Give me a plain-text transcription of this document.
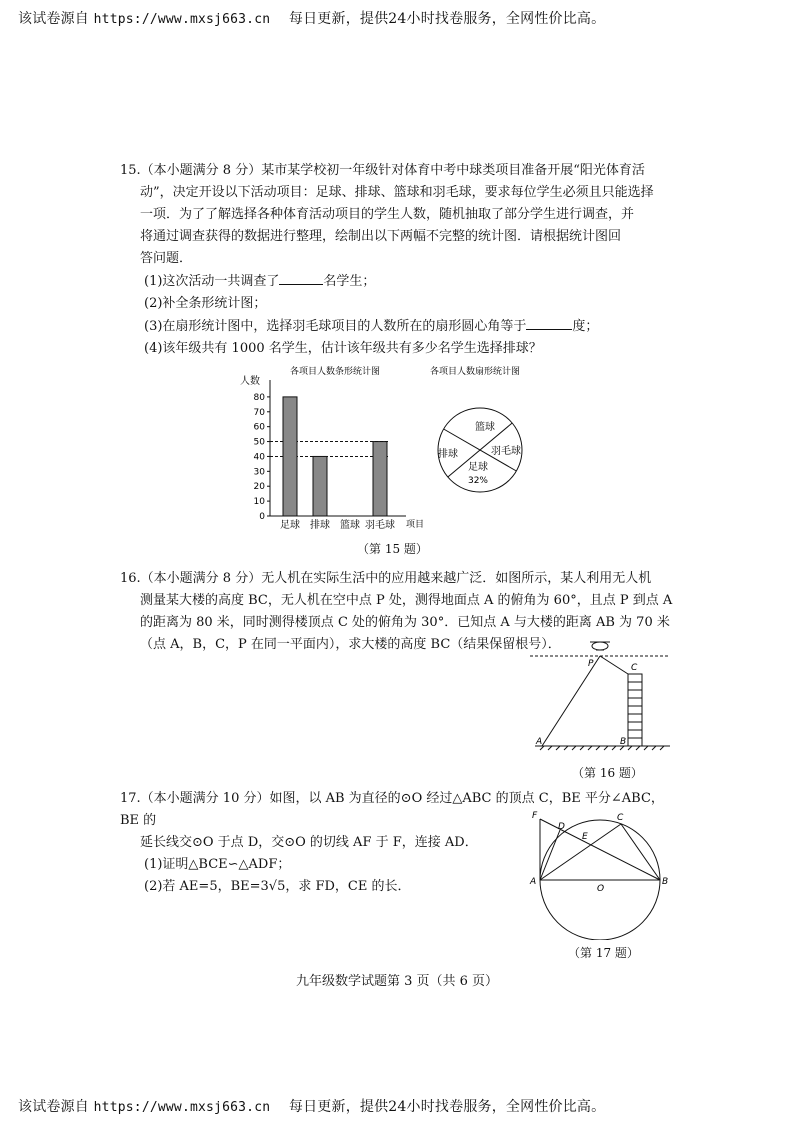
该试卷源自 https://www.mxsj663.cn 每日更新，提供24小时找卷服务，全网性价比高。

15.（本小题满分 8 分）某市某学校初一年级针对体育中考中球类项目准备开展“阳光体育活

动”，决定开设以下活动项目：足球、排球、篮球和羽毛球，要求每位学生必须且只能选择

一项．为了了解选择各种体育活动项目的学生人数，随机抽取了部分学生进行调查，并

将通过调查获得的数据进行整理，绘制出以下两幅不完整的统计图．请根据统计图回

答问题．

(1)这次活动一共调查了	名学生；

(2)补全条形统计图；

(3)在扇形统计图中，选择羽毛球项目的人数所在的扇形圆心角等于	度；

(4)该年级共有 1000 名学生，估计该年级共有多少名学生选择排球？

各项目人数条形统计图
人数
项目
0
10
20
30
40
50
60
70
80
足球 排球 篮球 羽毛球
各项目人数扇形统计图
篮球
羽毛球
足球
排球
32%
（第 15 题）

16.（本小题满分 8 分）无人机在实际生活中的应用越来越广泛．如图所示，某人利用无人机

测量某大楼的高度 BC，无人机在空中点 P 处，测得地面点 A 的俯角为 60°，且点 P 到点 A

的距离为 80 米，同时测得楼顶点 C 处的俯角为 30°．已知点 A 与大楼的距离 AB 为 70 米

（点 A，B，C，P 在同一平面内），求大楼的高度 BC（结果保留根号）．

P	C
A	B
（第 16 题）

17.（本小题满分 10 分）如图，以 AB 为直径的⊙O 经过△ABC 的顶点 C，BE 平分∠ABC，BE 的

延长线交⊙O 于点 D，交⊙O 的切线 AF 于 F，连接 AD．

(1)证明△BCE∽△ADF；

(2)若 AE=5，BE=3√5，求 FD，CE 的长．

F
D
C
E
A
O
B
（第 17 题）
九年级数学试题第 3 页（共 6 页）
该试卷源自 https://www.mxsj663.cn 每日更新，提供24小时找卷服务，全网性价比高。
